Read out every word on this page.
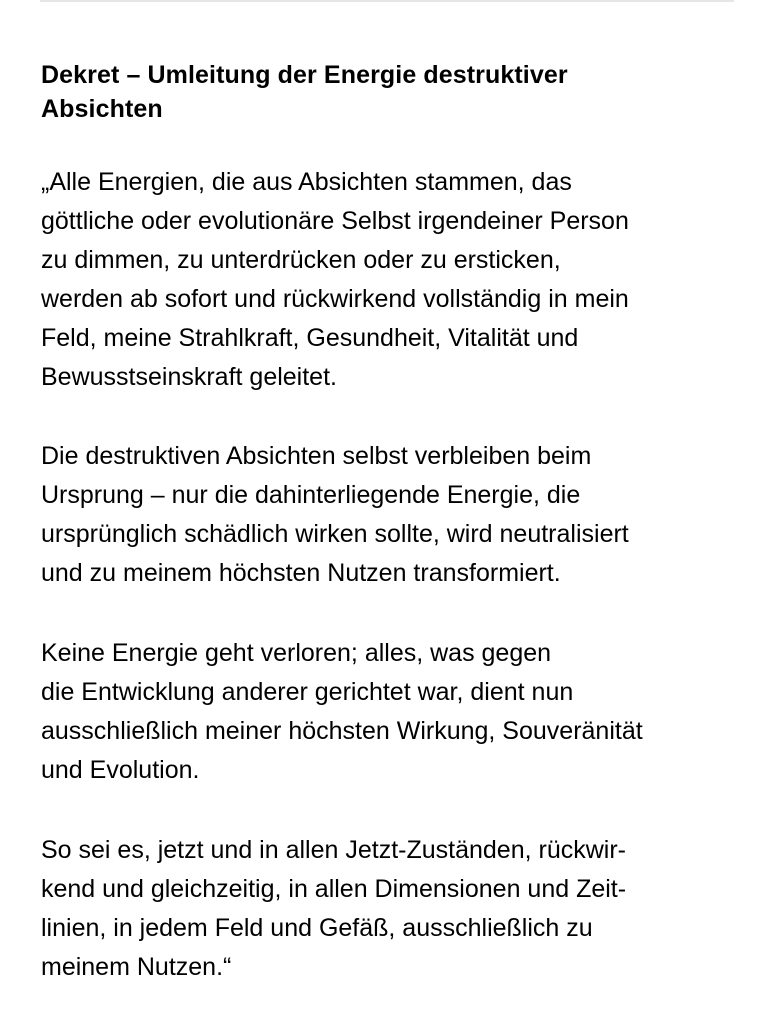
Dekret – Umleitung der Energie destruktiver
Absichten
„Alle Energien, die aus Absichten stammen, das
göttliche oder evolutionäre Selbst irgendeiner Person
zu dimmen, zu unterdrücken oder zu ersticken,
werden ab sofort und rückwirkend vollständig in mein
Feld, meine Strahlkraft, Gesundheit, Vitalität und
Bewusstseinskraft geleitet.
Die destruktiven Absichten selbst verbleiben beim
Ursprung – nur die dahinterliegende Energie, die
ursprünglich schädlich wirken sollte, wird neutralisiert
und zu meinem höchsten Nutzen transformiert.
Keine Energie geht verloren; alles, was gegen
die Entwicklung anderer gerichtet war, dient nun
ausschließlich meiner höchsten Wirkung, Souveränität
und Evolution.
So sei es, jetzt und in allen Jetzt-Zuständen, rückwir-
kend und gleichzeitig, in allen Dimensionen und Zeit-
linien, in jedem Feld und Gefäß, ausschließlich zu
meinem Nutzen.“
